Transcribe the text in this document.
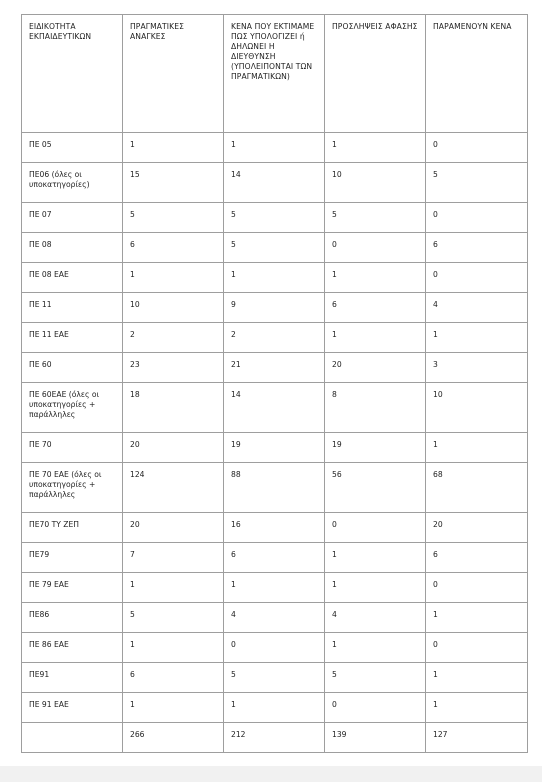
ΕΙΔΙΚΟΤΗΤΑ ΕΚΠΑΙΔΕΥΤΙΚΩΝ	ΠΡΑΓΜΑΤΙΚΕΣ ΑΝΑΓΚΕΣ	ΚΕΝΑ ΠΟΥ ΕΚΤΙΜΑΜΕ ΠΩΣ ΥΠΟΛΟΓΙΖΕΙ ή ΔΗΛΩΝΕΙ Η ΔΙΕΥΘΥΝΣΗ (ΥΠΟΛΕΙΠΟΝΤΑΙ ΤΩΝ ΠΡΑΓΜΑΤΙΚΩΝ)	ΠΡΟΣΛΗΨΕΙΣ ΑΦΑΣΗΣ	ΠΑΡΑΜΕΝΟΥΝ ΚΕΝΑ
ΠΕ 05	1	1	1	0
ΠΕ06 (όλες οι υποκατηγορίες)	15	14	10	5
ΠΕ 07	5	5	5	0
ΠΕ 08	6	5	0	6
ΠΕ 08 ΕΑΕ	1	1	1	0
ΠΕ 11	10	9	6	4
ΠΕ 11 ΕΑΕ	2	2	1	1
ΠΕ 60	23	21	20	3
ΠΕ 60ΕΑΕ (όλες οι υποκατηγορίες + παράλληλες	18	14	8	10
ΠΕ 70	20	19	19	1
ΠΕ 70 ΕΑΕ (όλες οι υποκατηγορίες + παράλληλες	124	88	56	68
ΠΕ70 ΤΥ ΖΕΠ	20	16	0	20
ΠΕ79	7	6	1	6
ΠΕ 79 ΕΑΕ	1	1	1	0
ΠΕ86	5	4	4	1
ΠΕ 86 ΕΑΕ	1	0	1	0
ΠΕ91	6	5	5	1
ΠΕ 91 ΕΑΕ	1	1	0	1
	266	212	139	127
